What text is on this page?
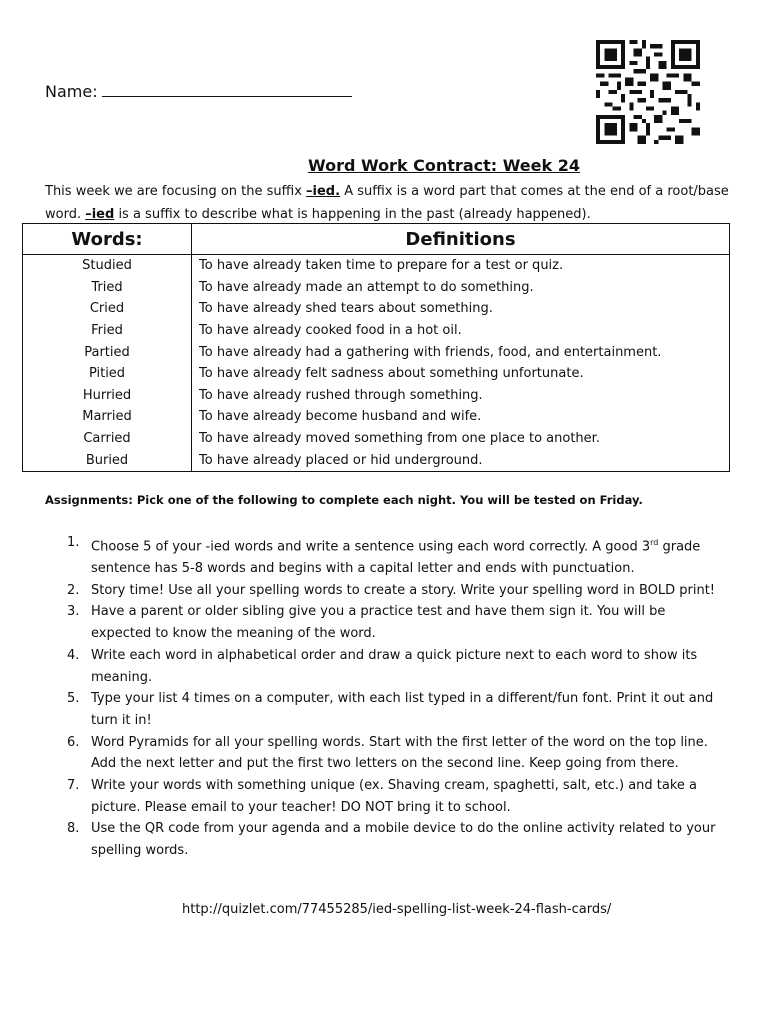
Name:
Word Work Contract: Week 24
This week we are focusing on the suffix –ied. A suffix is a word part that comes at the end of a root/base word. –ied is a suffix to describe what is happening in the past (already happened).
Words:	Definitions
Studied	To have already taken time to prepare for a test or quiz.
Tried	To have already made an attempt to do something.
Cried	To have already shed tears about something.
Fried	To have already cooked food in a hot oil.
Partied	To have already had a gathering with friends, food, and entertainment.
Pitied	To have already felt sadness about something unfortunate.
Hurried	To have already rushed through something.
Married	To have already become husband and wife.
Carried	To have already moved something from one place to another.
Buried	To have already placed or hid underground.
Assignments: Pick one of the following to complete each night. You will be tested on Friday.
1. Choose 5 of your -ied words and write a sentence using each word correctly. A good 3rd grade sentence has 5-8 words and begins with a capital letter and ends with punctuation.
2. Story time! Use all your spelling words to create a story. Write your spelling word in BOLD print!
3. Have a parent or older sibling give you a practice test and have them sign it. You will be expected to know the meaning of the word.
4. Write each word in alphabetical order and draw a quick picture next to each word to show its meaning.
5. Type your list 4 times on a computer, with each list typed in a different/fun font. Print it out and turn it in!
6. Word Pyramids for all your spelling words. Start with the first letter of the word on the top line. Add the next letter and put the first two letters on the second line. Keep going from there.
7. Write your words with something unique (ex. Shaving cream, spaghetti, salt, etc.) and take a picture. Please email to your teacher! DO NOT bring it to school.
8. Use the QR code from your agenda and a mobile device to do the online activity related to your spelling words.
http://quizlet.com/77455285/ied-spelling-list-week-24-flash-cards/
